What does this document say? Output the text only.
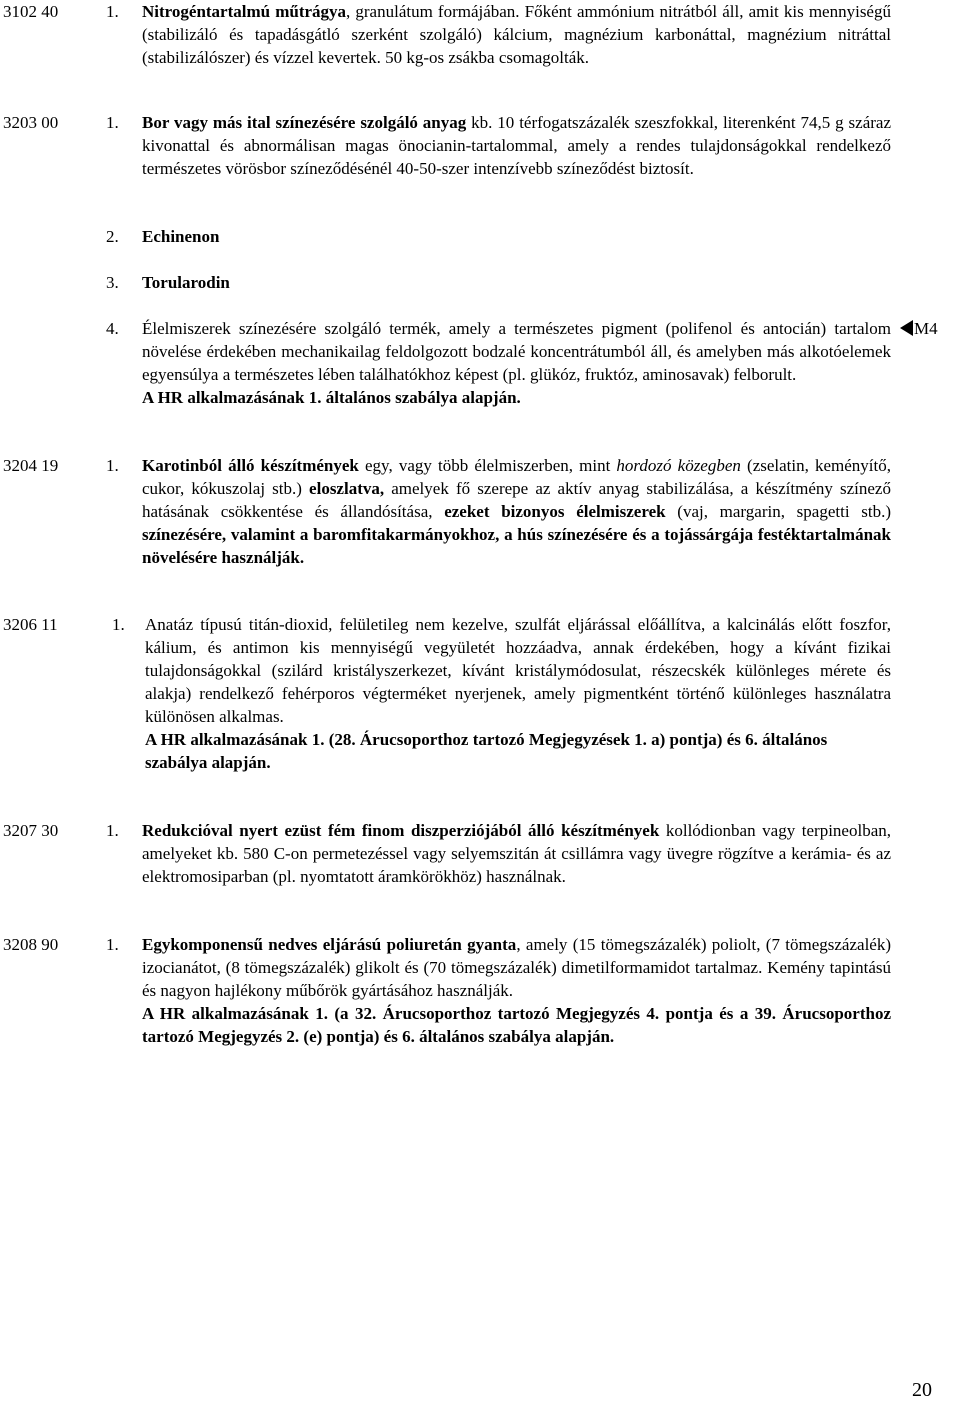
3102 40	1. Nitrogéntartalmú műtrágya, granulátum formájában. Főként ammónium nitrátból áll, amit kis mennyiségű (stabilizáló és tapadásgátló szerként szolgáló) kálcium, magnézium karbonáttal, magnézium nitráttal (stabilizálószer) és vízzel kevertek. 50 kg-os zsákba csomagolták.

3203 00	1. Bor vagy más ital színezésére szolgáló anyag kb. 10 térfogatszázalék szeszfokkal, literenként 74,5 g száraz kivonattal és abnormálisan magas önocianin-tartalommal, amely a rendes tulajdonságokkal rendelkező természetes vörösbor színeződésénél 40-50-szer intenzívebb színeződést biztosít.

2. Echinenon

3. Torularodin

4. Élelmiszerek színezésére szolgáló termék, amely a természetes pigment (polifenol és antocián) tartalom növelése érdekében mechanikailag feldolgozott bodzalé koncentrátumból áll, és amelyben más alkotóelemek egyensúlya a természetes lében találhatókhoz képest (pl. glükóz, fruktóz, aminosavak) felborult.

A HR alkalmazásának 1. általános szabálya alapján.

M4
3204 19	1. Karotinból álló készítmények egy, vagy több élelmiszerben, mint hordozó közegben (zselatin, keményítő, cukor, kókuszolaj stb.) eloszlatva, amelyek fő szerepe az aktív anyag stabilizálása, a készítmény színező hatásának csökkentése és állandósítása, ezeket bizonyos élelmiszerek (vaj, margarin, spagetti stb.) színezésére, valamint a baromfitakarmányokhoz, a hús színezésére és a tojássárgája festéktartalmának növelésére használják.

3206 11	1. Anatáz típusú titán-dioxid, felületileg nem kezelve, szulfát eljárással előállítva, a kalcinálás előtt foszfor, kálium, és antimon kis mennyiségű vegyületét hozzáadva, annak érdekében, hogy a kívánt fizikai tulajdonságokkal (szilárd kristályszerkezet, kívánt kristálymódosulat, részecskék különleges mérete és alakja) rendelkező fehérporos végterméket nyerjenek, amely pigmentként történő különleges használatra különösen alkalmas.

A HR alkalmazásának 1. (28. Árucsoporthoz tartozó Megjegyzések 1. a) pontja) és 6. általános szabálya alapján.

3207 30	1. Redukcióval nyert ezüst fém finom diszperziójából álló készítmények kollódionban vagy terpineolban, amelyeket kb. 580 C-on permetezéssel vagy selyemszitán át csillámra vagy üvegre rögzítve a kerámia- és az elektromosiparban (pl. nyomtatott áramkörökhöz) használnak.

3208 90	1. Egykomponensű nedves eljárású poliuretán gyanta, amely (15 tömegszázalék) poliolt, (7 tömegszázalék) izocianátot, (8 tömegszázalék) glikolt és (70 tömegszázalék) dimetilformamidot tartalmaz. Kemény tapintású és nagyon hajlékony műbőrök gyártásához használják.

A HR alkalmazásának 1. (a 32. Árucsoporthoz tartozó Megjegyzés 4. pontja és a 39. Árucsoporthoz tartozó Megjegyzés 2. (e) pontja) és 6. általános szabálya alapján.

20
